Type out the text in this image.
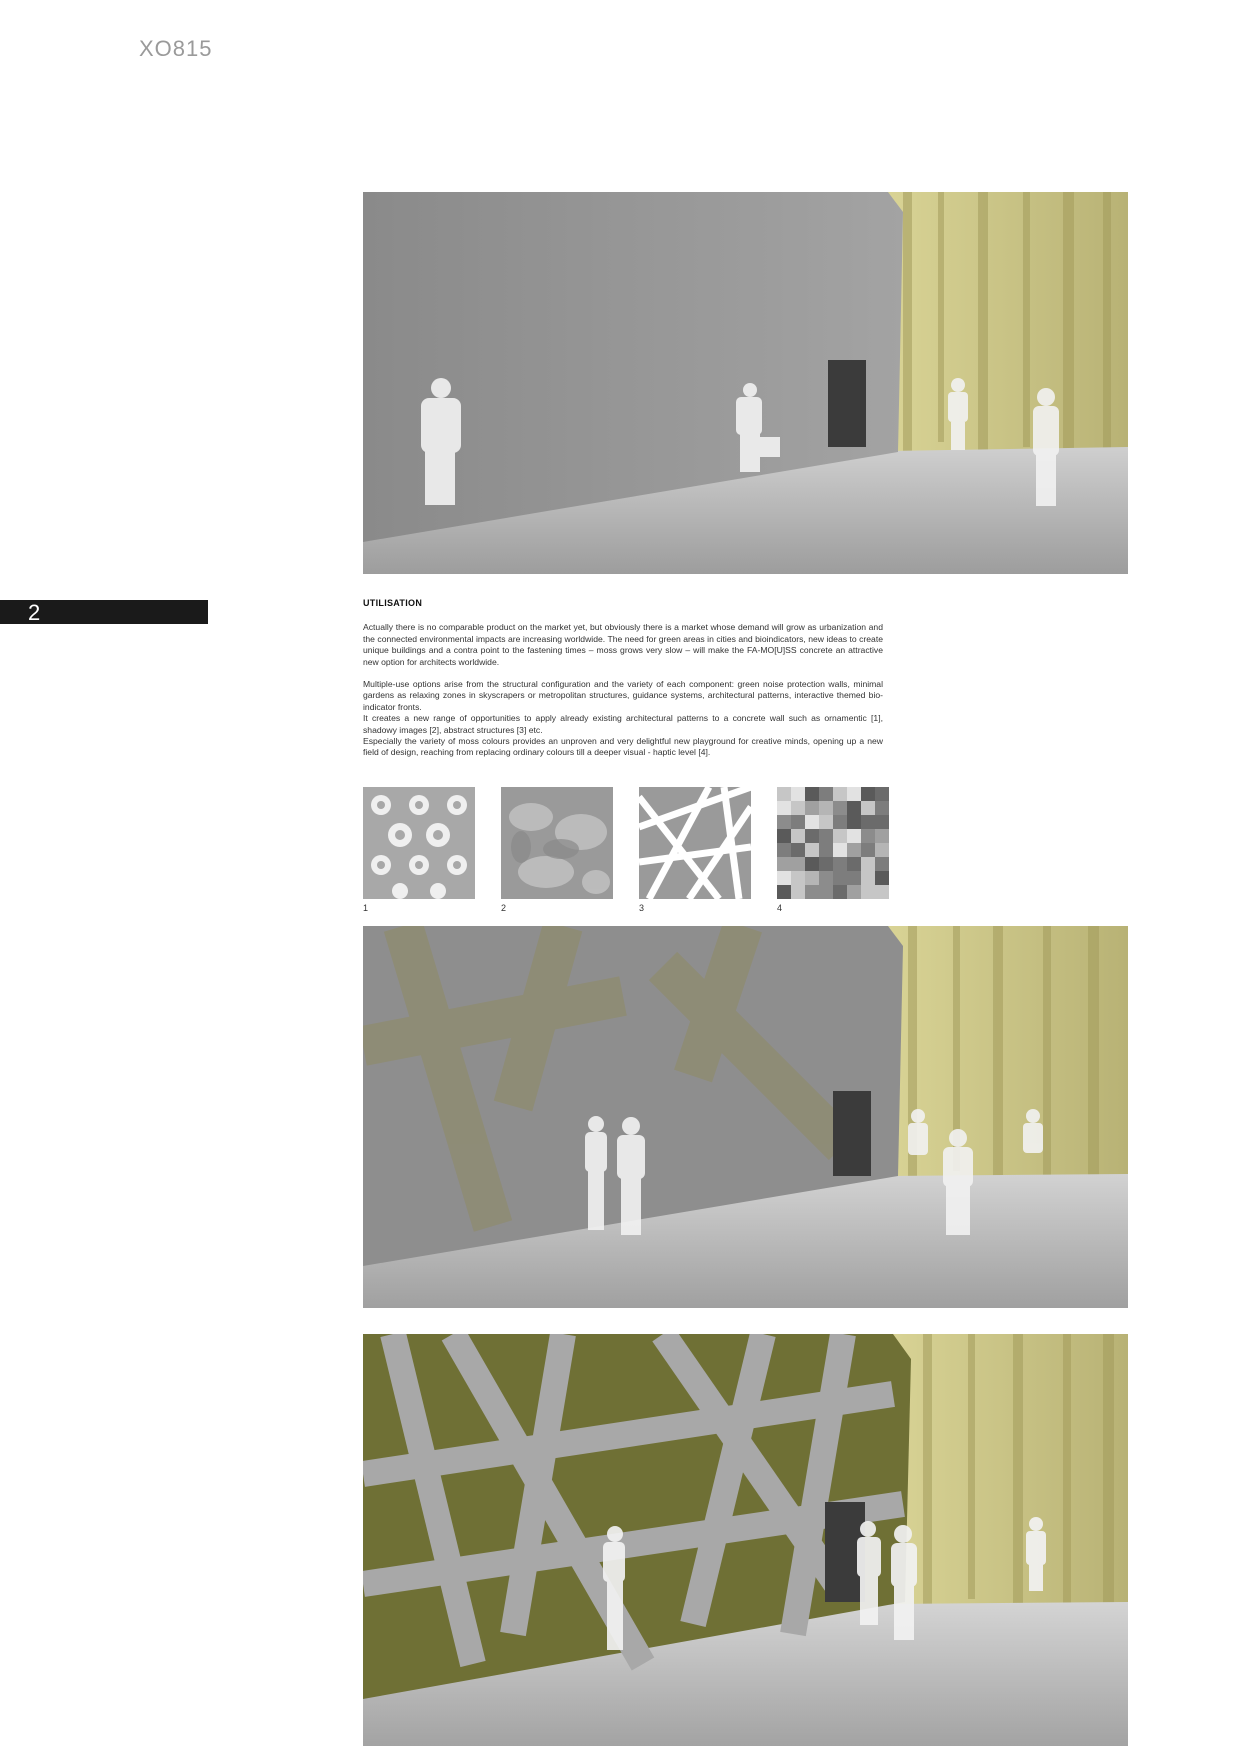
XO815
2	UTILISATION

Actually there is no comparable product on the market yet, but obviously there is a market whose demand will grow as urbanization and the connected environmental impacts are increasing worldwide. The need for green areas in cities and bioindicators, new ideas to create unique buildings and a contra point to the fastening times – moss grows very slow – will make the FA-MO[U]SS concrete an attractive new option for architects worldwide.

Multiple-use options arise from the structural configuration and the variety of each component: green noise protection walls, minimal gardens as relaxing zones in skyscrapers or metropolitan structures, guidance systems, architectural patterns, interactive themed bio-indicator fronts.

It creates a new range of opportunities to apply already existing architectural patterns to a concrete wall such as ornamentic [1], shadowy images [2], abstract structures [3] etc.

Especially the variety of moss colours provides an unproven and very delightful new playground for creative minds, opening up a new field of design, reaching from replacing ordinary colours till a deeper visual - haptic level [4].

1	2	3	4
